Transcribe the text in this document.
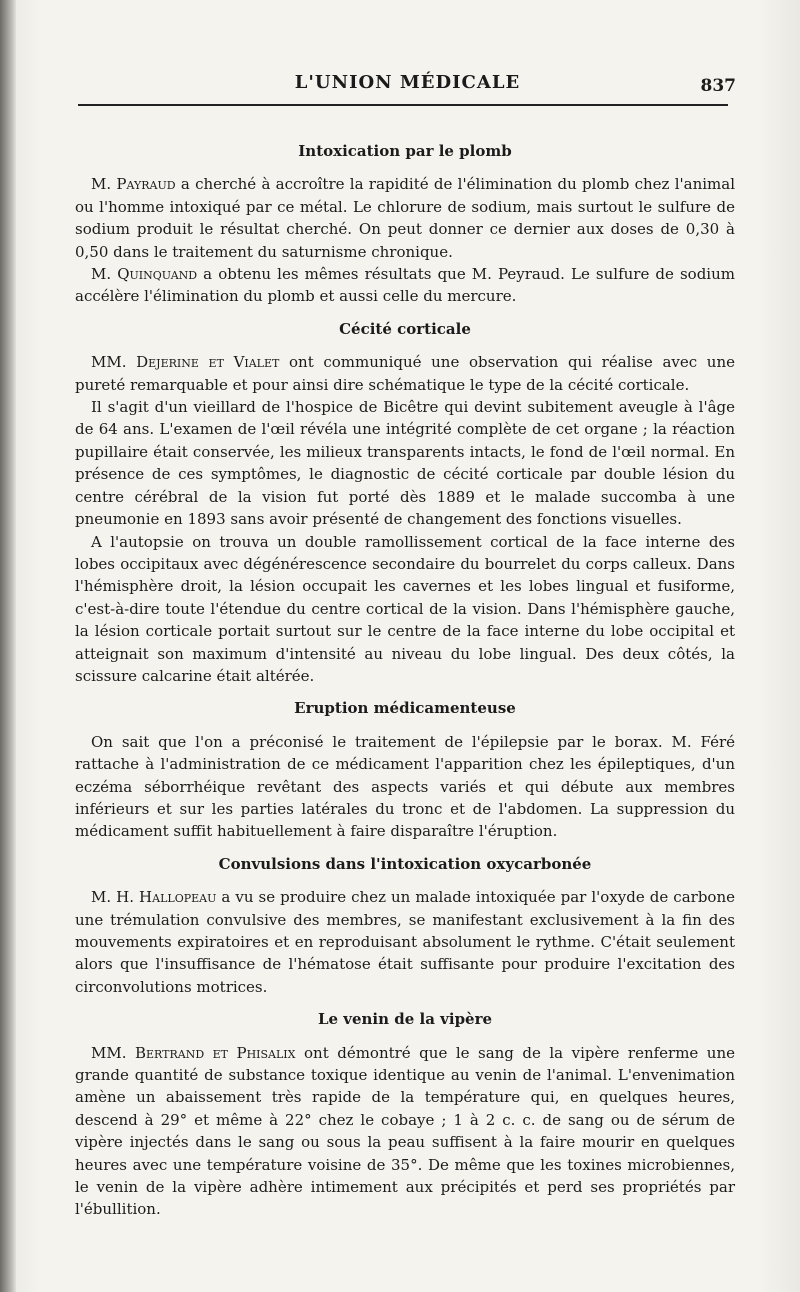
L'UNION MÉDICALE	837
Intoxication par le plomb

M. Payraud a cherché à accroître la rapidité de l'élimination du plomb chez l'animal ou l'homme intoxiqué par ce métal. Le chlorure de sodium, mais surtout le sulfure de sodium produit le résultat cherché. On peut donner ce dernier aux doses de 0,30 à 0,50 dans le traitement du saturnisme chronique.

M. Quinquand a obtenu les mêmes résultats que M. Peyraud. Le sulfure de sodium accélère l'élimination du plomb et aussi celle du mercure.

Cécité corticale

MM. Dejerine et Vialet ont communiqué une observation qui réalise avec une pureté remarquable et pour ainsi dire schématique le type de la cécité corticale.

Il s'agit d'un vieillard de l'hospice de Bicêtre qui devint subitement aveugle à l'âge de 64 ans. L'examen de l'œil révéla une intégrité complète de cet organe ; la réaction pupillaire était conservée, les milieux transparents intacts, le fond de l'œil normal. En présence de ces symptômes, le diagnostic de cécité corticale par double lésion du centre cérébral de la vision fut porté dès 1889 et le malade succomba à une pneumonie en 1893 sans avoir présenté de changement des fonctions visuelles.

A l'autopsie on trouva un double ramollissement cortical de la face interne des lobes occipitaux avec dégénérescence secondaire du bourrelet du corps calleux. Dans l'hémisphère droit, la lésion occupait les cavernes et les lobes lingual et fusiforme, c'est-à-dire toute l'étendue du centre cortical de la vision. Dans l'hémisphère gauche, la lésion corticale portait surtout sur le centre de la face interne du lobe occipital et atteignait son maximum d'intensité au niveau du lobe lingual. Des deux côtés, la scissure calcarine était altérée.

Eruption médicamenteuse

On sait que l'on a préconisé le traitement de l'épilepsie par le borax. M. Féré rattache à l'administration de ce médicament l'apparition chez les épileptiques, d'un eczéma séborrhéique revêtant des aspects variés et qui débute aux membres inférieurs et sur les parties latérales du tronc et de l'abdomen. La suppression du médicament suffit habituellement à faire disparaître l'éruption.

Convulsions dans l'intoxication oxycarbonée

M. H. Hallopeau a vu se produire chez un malade intoxiquée par l'oxyde de carbone une trémulation convulsive des membres, se manifestant exclusivement à la fin des mouvements expiratoires et en reproduisant absolument le rythme. C'était seulement alors que l'insuffisance de l'hématose était suffisante pour produire l'excitation des circonvolutions motrices.

Le venin de la vipère

MM. Bertrand et Phisalix ont démontré que le sang de la vipère renferme une grande quantité de substance toxique identique au venin de l'animal. L'envenimation amène un abaissement très rapide de la température qui, en quelques heures, descend à 29° et même à 22° chez le cobaye ; 1 à 2 c. c. de sang ou de sérum de vipère injectés dans le sang ou sous la peau suffisent à la faire mourir en quelques heures avec une température voisine de 35°. De même que les toxines microbiennes, le venin de la vipère adhère intimement aux précipités et perd ses propriétés par l'ébullition.
